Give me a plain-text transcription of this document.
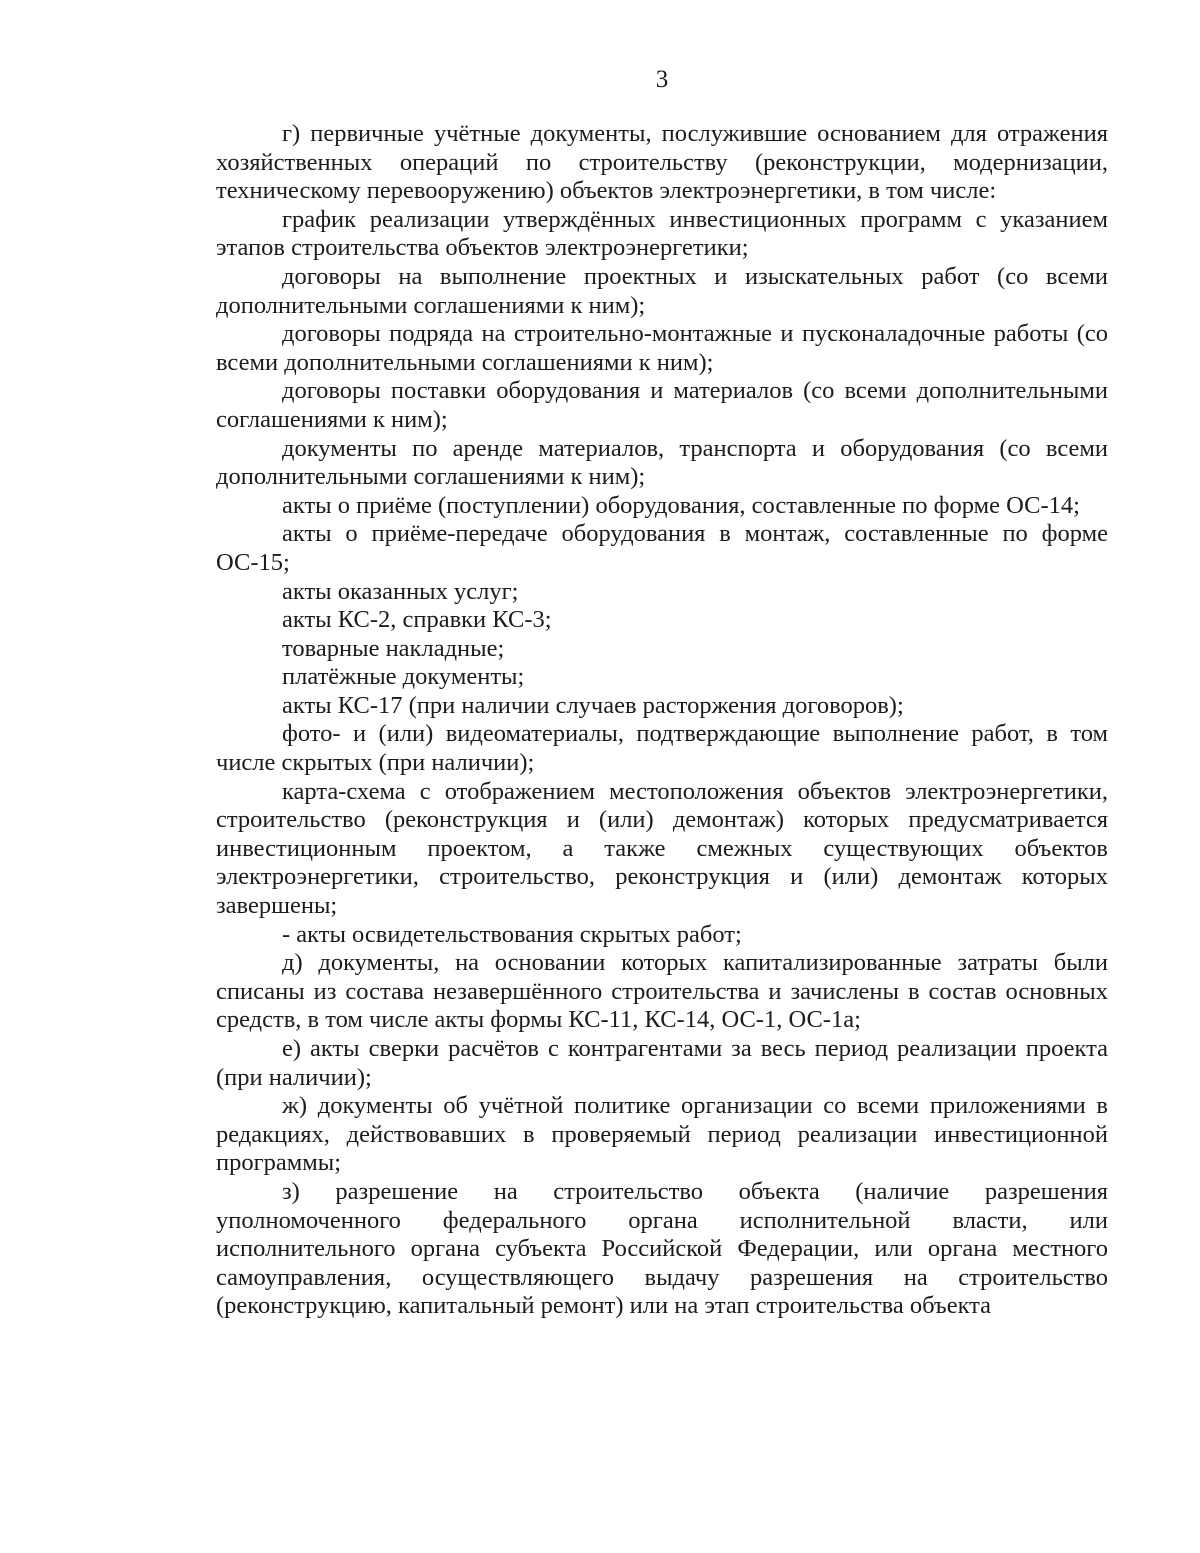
3

г) первичные учётные документы, послужившие основанием для отражения хозяйственных операций по строительству (реконструкции, модернизации, техническому перевооружению) объектов электроэнергетики, в том числе:

график реализации утверждённых инвестиционных программ с указанием этапов строительства объектов электроэнергетики;

договоры на выполнение проектных и изыскательных работ (со всеми дополнительными соглашениями к ним);

договоры подряда на строительно-монтажные и пусконаладочные работы (со всеми дополнительными соглашениями к ним);

договоры поставки оборудования и материалов (со всеми дополнительными соглашениями к ним);

документы по аренде материалов, транспорта и оборудования (со всеми дополнительными соглашениями к ним);

акты о приёме (поступлении) оборудования, составленные по форме ОС-14;

акты о приёме-передаче оборудования в монтаж, составленные по форме ОС-15;

акты оказанных услуг;

акты КС-2, справки КС-3;

товарные накладные;

платёжные документы;

акты КС-17 (при наличии случаев расторжения договоров);

фото- и (или) видеоматериалы, подтверждающие выполнение работ, в том числе скрытых (при наличии);

карта-схема с отображением местоположения объектов электроэнергетики, строительство (реконструкция и (или) демонтаж) которых предусматривается инвестиционным проектом, а также смежных существующих объектов электроэнергетики, строительство, реконструкция и (или) демонтаж которых завершены;

- акты освидетельствования скрытых работ;

д) документы, на основании которых капитализированные затраты были списаны из состава незавершённого строительства и зачислены в состав основных средств, в том числе акты формы КС-11, КС-14, ОС-1, ОС-1а;

е) акты сверки расчётов с контрагентами за весь период реализации проекта (при наличии);

ж) документы об учётной политике организации со всеми приложениями в редакциях, действовавших в проверяемый период реализации инвестиционной программы;

з) разрешение на строительство объекта (наличие разрешения уполномоченного федерального органа исполнительной власти, или исполнительного органа субъекта Российской Федерации, или органа местного самоуправления, осуществляющего выдачу разрешения на строительство (реконструкцию, капитальный ремонт) или на этап строительства объекта
